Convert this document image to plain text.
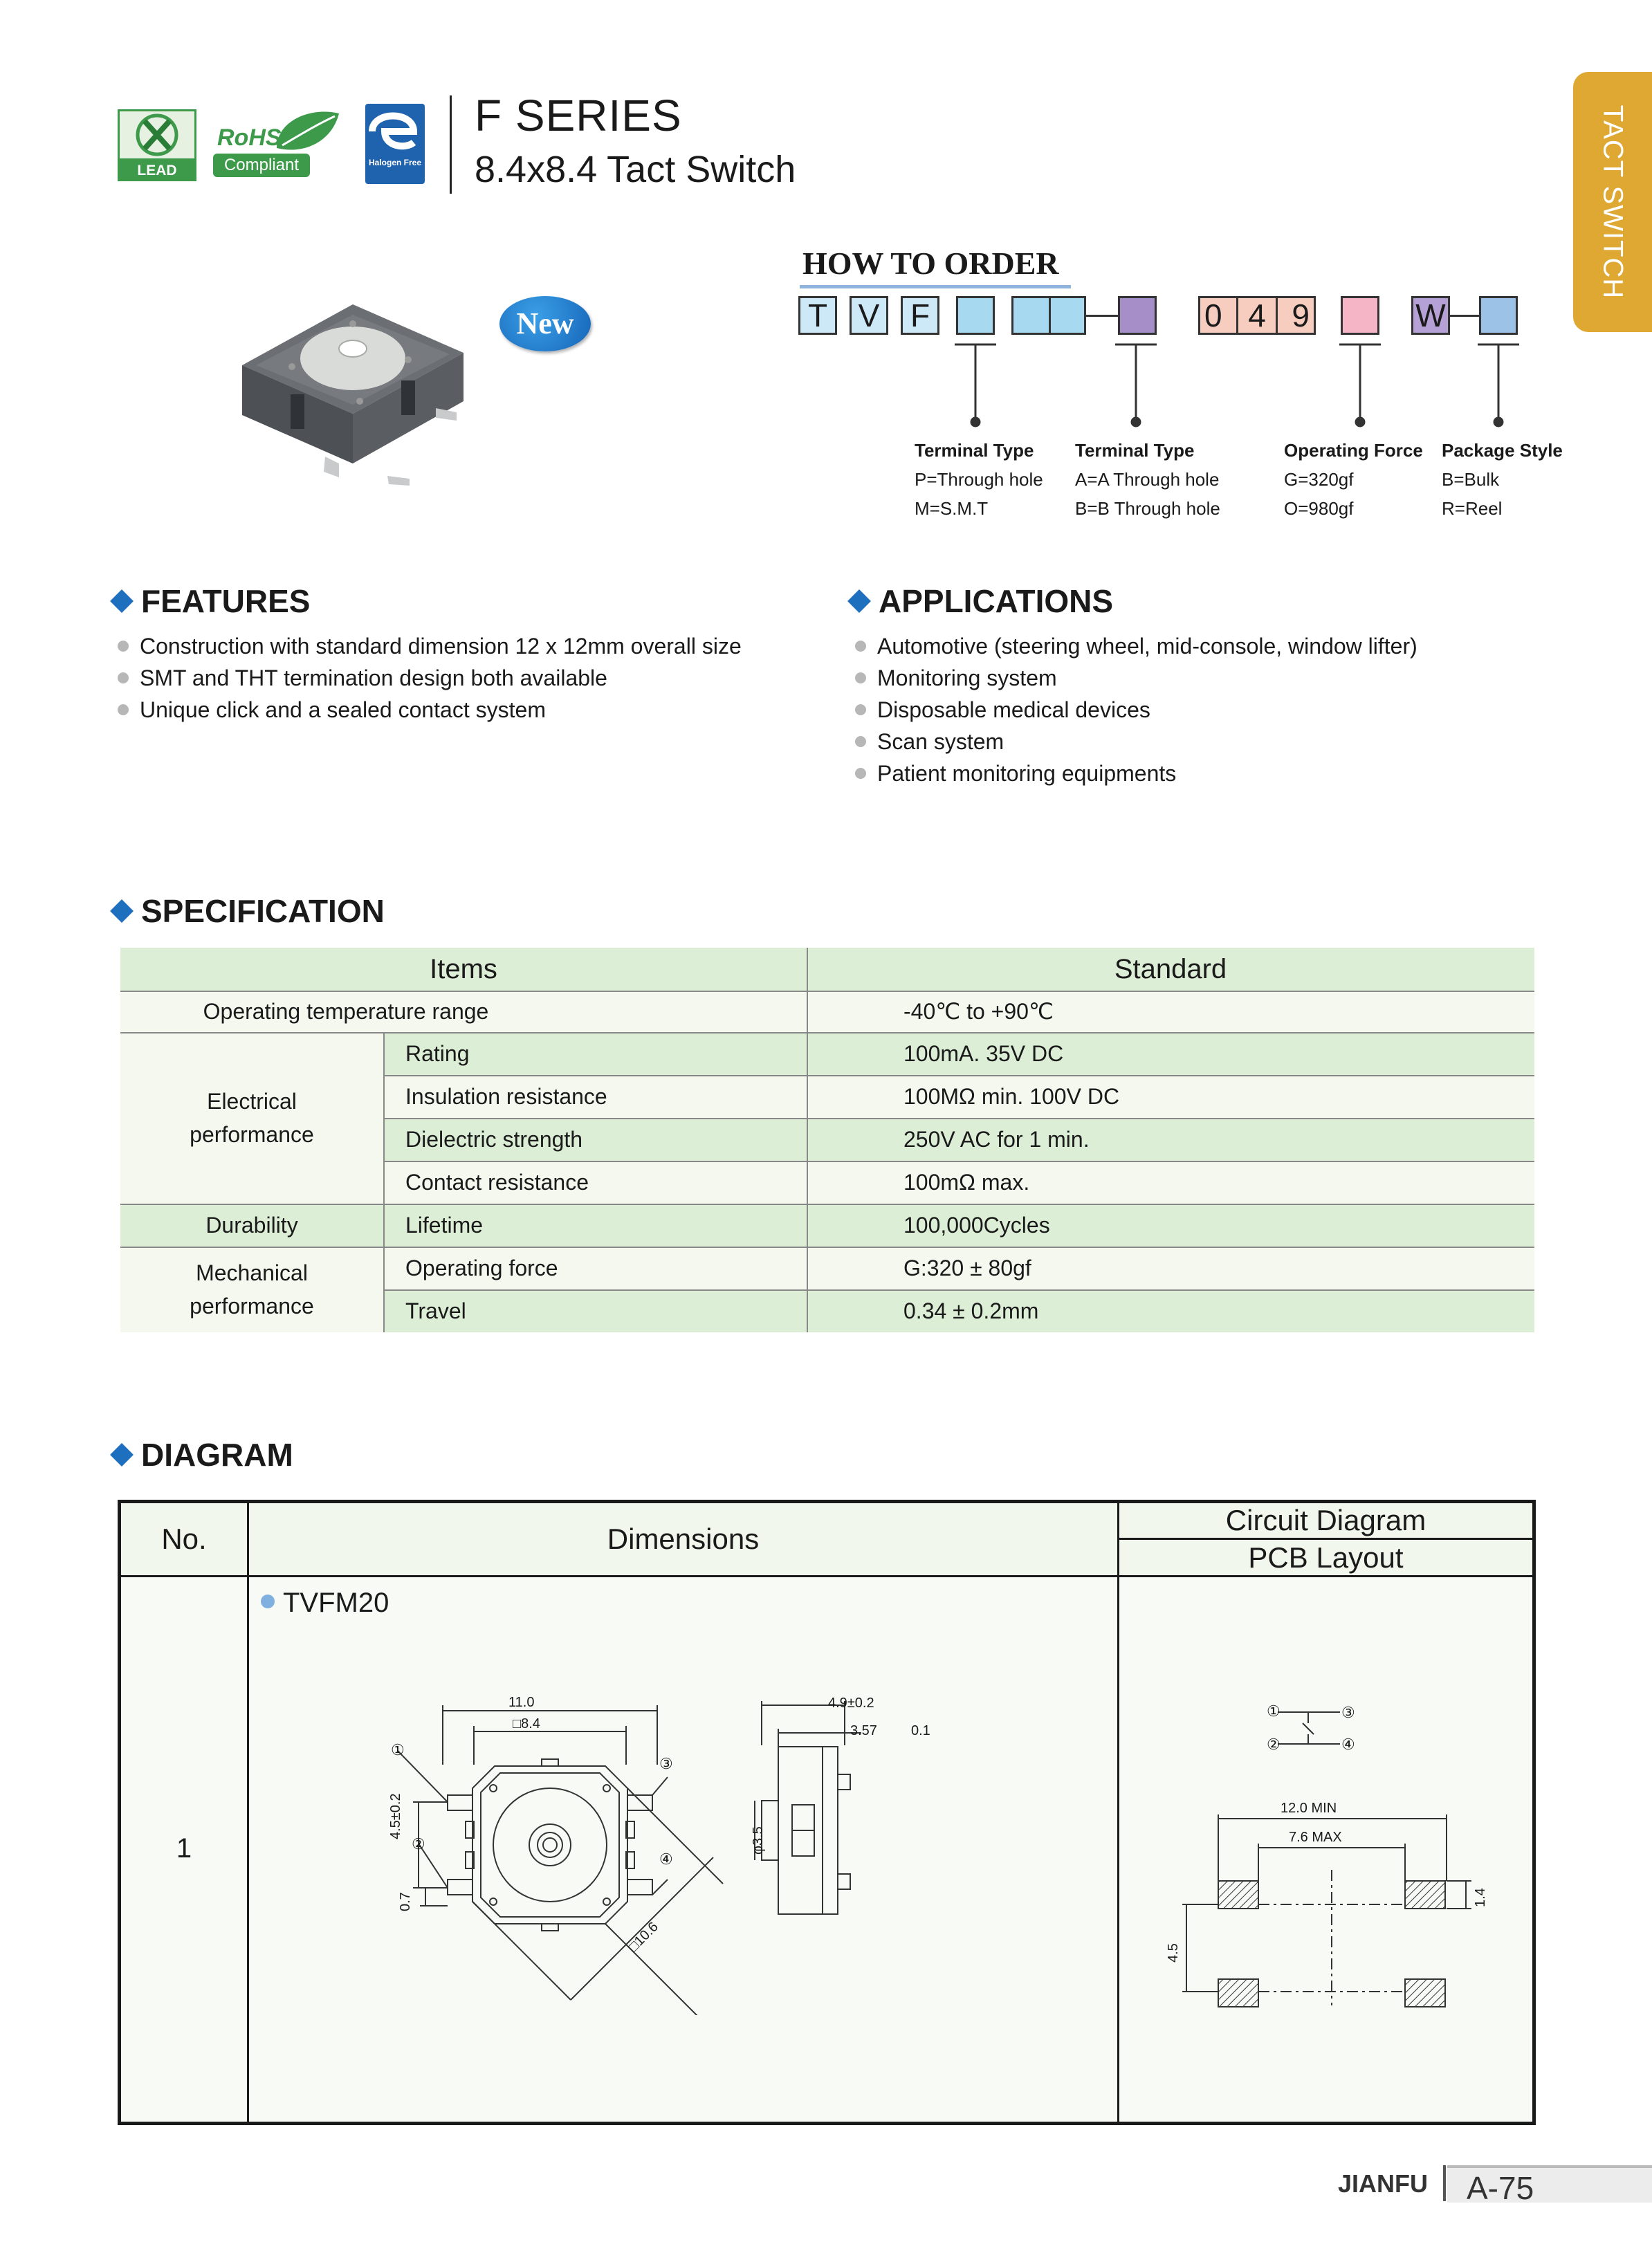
TACT SWITCH
LEAD FREE
RoHS
Compliant	Halogen Free
F SERIES
8.4x8.4 Tact Switch
New
HOW TO ORDER
T V F	0 4 9	W
Terminal Type
P=Through hole
M=S.M.T
Terminal Type
A=A Through hole
B=B Through hole
Operating Force
G=320gf
O=980gf
Package Style
B=Bulk
R=Reel
FEATURES
Construction with standard dimension 12 x 12mm overall size
SMT and THT termination design both available
Unique click and a sealed contact system
APPLICATIONS
Automotive (steering wheel, mid-console, window lifter)
Monitoring system
Disposable medical devices
Scan system
Patient monitoring equipments
SPECIFICATION
Items	Standard
Operating temperature range	-40℃ to +90℃
Electrical
performance
Rating	100mA. 35V DC
Insulation resistance	100MΩ min. 100V DC
Dielectric strength	250V AC for 1 min.
Contact resistance	100mΩ max.
Durability	Lifetime	100,000Cycles
Mechanical
performance
Operating force	G:320 ± 80gf
Travel	0.34 ± 0.2mm
DIAGRAM
No.	Dimensions
Circuit Diagram
PCB Layout
1
TVFM20
11.0
□8.4
4.5±0.2
0.7
□10.6
①
②
③
④
4.9±0.2
3.57 0.1
φ3.5
①	③
②	④
12.0 MIN
7.6 MAX
4.5
1.4
JIANFU A-75
